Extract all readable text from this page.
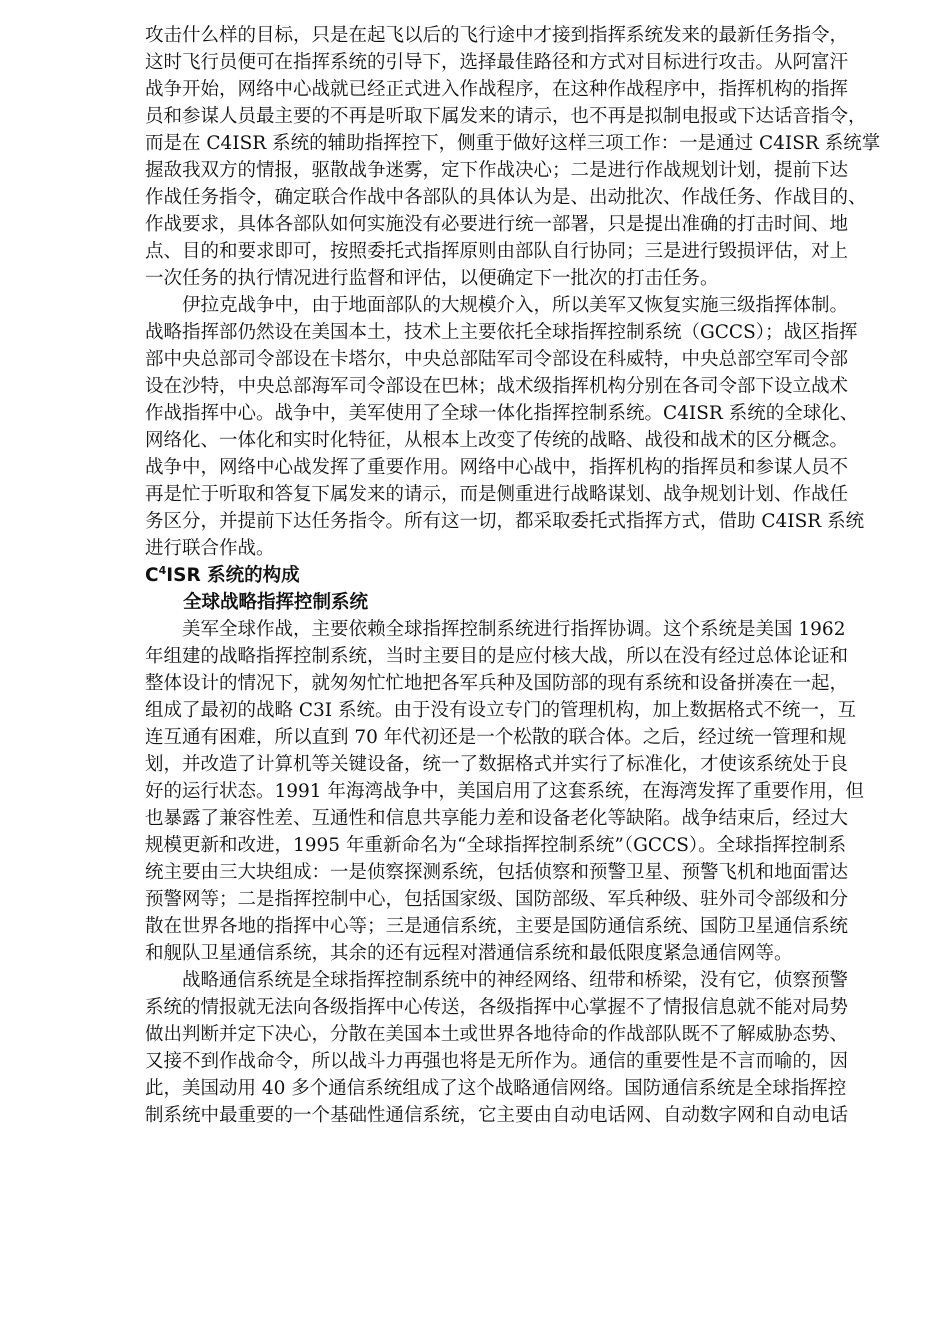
攻击什么样的目标，只是在起飞以后的飞行途中才接到指挥系统发来的最新任务指令，
这时飞行员便可在指挥系统的引导下，选择最佳路径和方式对目标进行攻击。从阿富汗
战争开始，网络中心战就已经正式进入作战程序，在这种作战程序中，指挥机构的指挥
员和参谋人员最主要的不再是听取下属发来的请示，也不再是拟制电报或下达话音指令，
而是在 C4ISR 系统的辅助指挥控下，侧重于做好这样三项工作：一是通过 C4ISR 系统掌
握敌我双方的情报，驱散战争迷雾，定下作战决心；二是进行作战规划计划，提前下达
作战任务指令，确定联合作战中各部队的具体认为是、出动批次、作战任务、作战目的、
作战要求，具体各部队如何实施没有必要进行统一部署，只是提出准确的打击时间、地
点、目的和要求即可，按照委托式指挥原则由部队自行协同；三是进行毁损评估，对上
一次任务的执行情况进行监督和评估，以便确定下一批次的打击任务。
　　伊拉克战争中，由于地面部队的大规模介入，所以美军又恢复实施三级指挥体制。
战略指挥部仍然设在美国本土，技术上主要依托全球指挥控制系统（GCCS）；战区指挥
部中央总部司令部设在卡塔尔，中央总部陆军司令部设在科威特，中央总部空军司令部
设在沙特，中央总部海军司令部设在巴林；战术级指挥机构分别在各司令部下设立战术
作战指挥中心。战争中，美军使用了全球一体化指挥控制系统。C4ISR 系统的全球化、
网络化、一体化和实时化特征，从根本上改变了传统的战略、战役和战术的区分概念。
战争中，网络中心战发挥了重要作用。网络中心战中，指挥机构的指挥员和参谋人员不
再是忙于听取和答复下属发来的请示，而是侧重进行战略谋划、战争规划计划、作战任
务区分，并提前下达任务指令。所有这一切，都采取委托式指挥方式，借助 C4ISR 系统
进行联合作战。
$C^4ISR$ 系统的构成
全球战略指挥控制系统
　　美军全球作战，主要依赖全球指挥控制系统进行指挥协调。这个系统是美国 1962
年组建的战略指挥控制系统，当时主要目的是应付核大战，所以在没有经过总体论证和
整体设计的情况下，就匆匆忙忙地把各军兵种及国防部的现有系统和设备拼凑在一起，
组成了最初的战略 C3I 系统。由于没有设立专门的管理机构，加上数据格式不统一，互
连互通有困难，所以直到 70 年代初还是一个松散的联合体。之后，经过统一管理和规
划，并改造了计算机等关键设备，统一了数据格式并实行了标准化，才使该系统处于良
好的运行状态。1991 年海湾战争中，美国启用了这套系统，在海湾发挥了重要作用，但
也暴露了兼容性差、互通性和信息共享能力差和设备老化等缺陷。战争结束后，经过大
规模更新和改进，1995 年重新命名为“全球指挥控制系统”（GCCS）。全球指挥控制系
统主要由三大块组成：一是侦察探测系统，包括侦察和预警卫星、预警飞机和地面雷达
预警网等；二是指挥控制中心，包括国家级、国防部级、军兵种级、驻外司令部级和分
散在世界各地的指挥中心等；三是通信系统，主要是国防通信系统、国防卫星通信系统
和舰队卫星通信系统，其余的还有远程对潜通信系统和最低限度紧急通信网等。
　　战略通信系统是全球指挥控制系统中的神经网络、纽带和桥梁，没有它，侦察预警
系统的情报就无法向各级指挥中心传送，各级指挥中心掌握不了情报信息就不能对局势
做出判断并定下决心，分散在美国本土或世界各地待命的作战部队既不了解威胁态势、
又接不到作战命令，所以战斗力再强也将是无所作为。通信的重要性是不言而喻的，因
此，美国动用 40 多个通信系统组成了这个战略通信网络。国防通信系统是全球指挥控
制系统中最重要的一个基础性通信系统，它主要由自动电话网、自动数字网和自动电话
